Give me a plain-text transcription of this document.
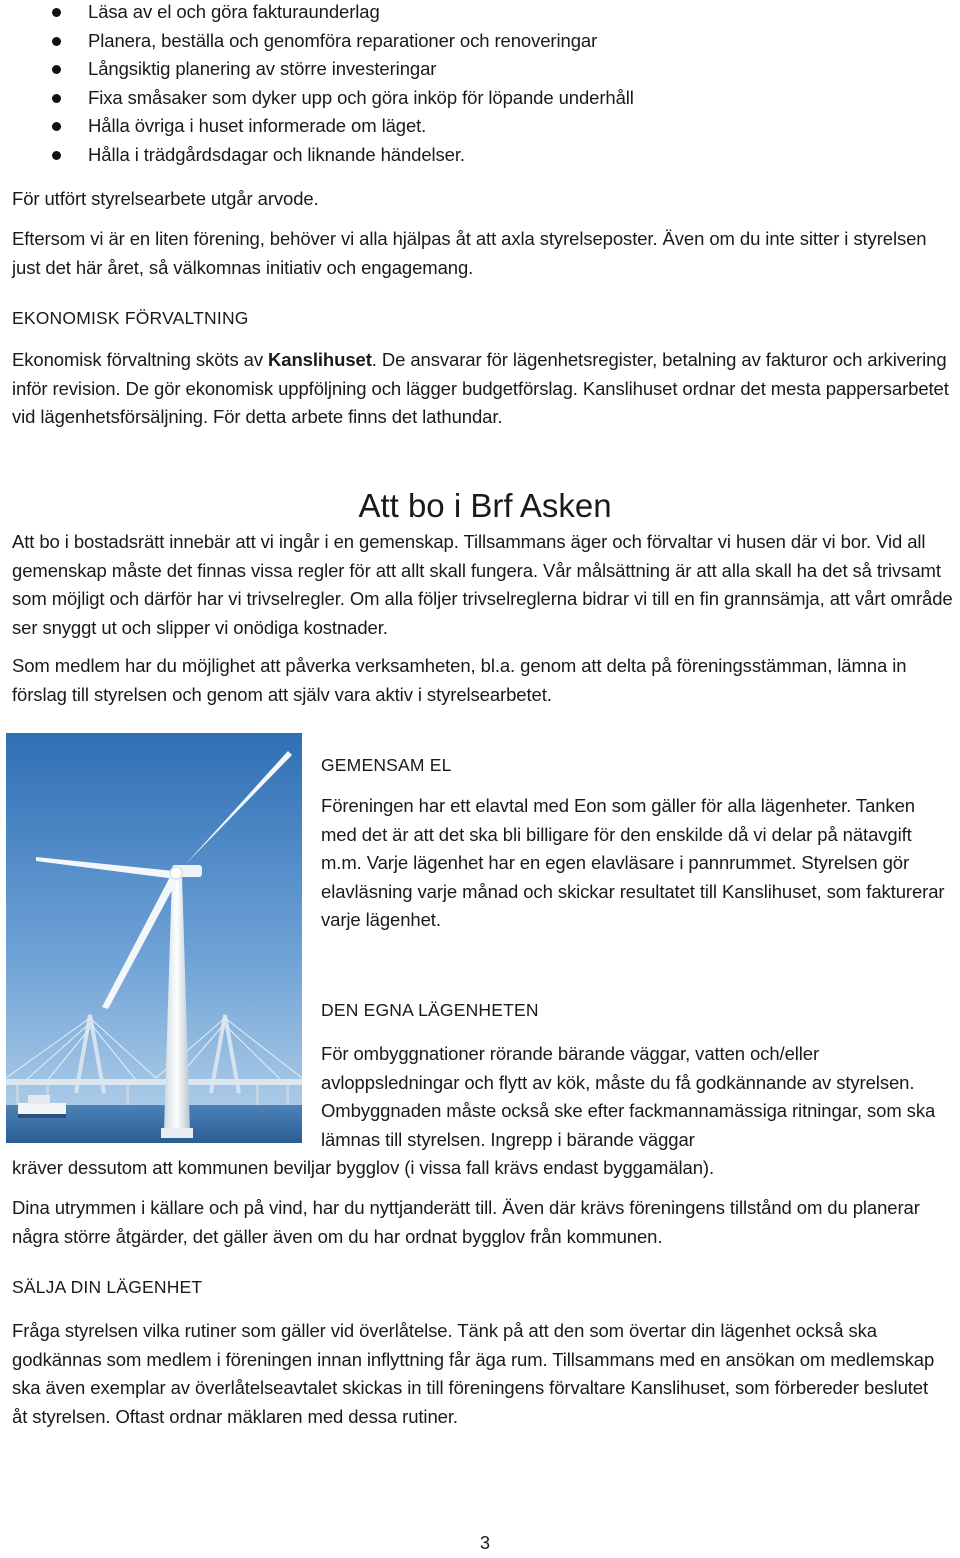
Läsa av el och göra fakturaunderlag
Planera, beställa och genomföra reparationer och renoveringar
Långsiktig planering av större investeringar
Fixa småsaker som dyker upp och göra inköp för löpande underhåll
Hålla övriga i huset informerade om läget.
Hålla i trädgårdsdagar och liknande händelser.

För utfört styrelsearbete utgår arvode.

Eftersom vi är en liten förening, behöver vi alla hjälpas åt att axla styrelseposter. Även om du inte sitter i styrelsen just det här året, så välkomnas initiativ och engagemang.

EKONOMISK FÖRVALTNING

Ekonomisk förvaltning sköts av Kanslihuset. De ansvarar för lägenhetsregister, betalning av fakturor och arkivering inför revision. De gör ekonomisk uppföljning och lägger budgetförslag. Kanslihuset ordnar det mesta pappersarbetet vid lägenhetsförsäljning. För detta arbete finns det lathundar.

Att bo i Brf Asken

Att bo i bostadsrätt innebär att vi ingår i en gemenskap. Tillsammans äger och förvaltar vi husen där vi bor. Vid all gemenskap måste det finnas vissa regler för att allt skall fungera. Vår målsättning är att alla skall ha det så trivsamt som möjligt och därför har vi trivselregler. Om alla följer trivselreglerna bidrar vi till en fin grannsämja, att vårt område ser snyggt ut och slipper vi onödiga kostnader.

Som medlem har du möjlighet att påverka verksamheten, bl.a. genom att delta på föreningsstämman, lämna in förslag till styrelsen och genom att själv vara aktiv i styrelsearbetet.

GEMENSAM EL

Föreningen har ett elavtal med Eon som gäller för alla lägenheter. Tanken med det är att det ska bli billigare för den enskilde då vi delar på nätavgift m.m. Varje lägenhet har en egen elavläsare i pannrummet. Styrelsen gör elavläsning varje månad och skickar resultatet till Kanslihuset, som fakturerar varje lägenhet.

DEN EGNA LÄGENHETEN

För ombyggnationer rörande bärande väggar, vatten och/eller avloppsledningar och flytt av kök, måste du få godkännande av styrelsen. Ombyggnaden måste också ske efter fackmannamässiga ritningar, som ska lämnas till styrelsen. Ingrepp i bärande väggar

kräver dessutom att kommunen beviljar bygglov (i vissa fall krävs endast byggamälan).

Dina utrymmen i källare och på vind, har du nyttjanderätt till. Även där krävs föreningens tillstånd om du planerar några större åtgärder, det gäller även om du har ordnat bygglov från kommunen.

SÄLJA DIN LÄGENHET

Fråga styrelsen vilka rutiner som gäller vid överlåtelse. Tänk på att den som övertar din lägenhet också ska godkännas som medlem i föreningen innan inflyttning får äga rum. Tillsammans med en ansökan om medlemskap ska även exemplar av överlåtelseavtalet skickas in till föreningens förvaltare Kanslihuset, som förbereder beslutet åt styrelsen. Oftast ordnar mäklaren med dessa rutiner.

3
